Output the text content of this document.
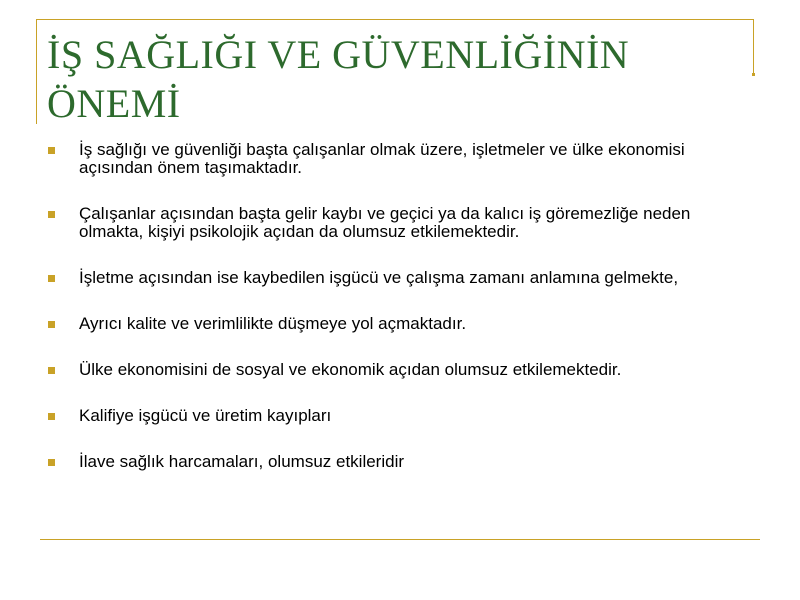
İŞ SAĞLIĞI VE GÜVENLİĞİNİN ÖNEMİ
İş sağlığı ve güvenliği başta çalışanlar olmak üzere, işletmeler ve ülke ekonomisi açısından önem taşımaktadır.
Çalışanlar açısından başta gelir kaybı ve geçici ya da kalıcı iş göremezliğe neden olmakta, kişiyi psikolojik açıdan da olumsuz etkilemektedir.
İşletme açısından ise kaybedilen işgücü ve çalışma zamanı anlamına gelmekte,
Ayrıcı kalite ve verimlilikte düşmeye yol açmaktadır.
Ülke ekonomisini de sosyal ve ekonomik açıdan olumsuz etkilemektedir.
Kalifiye işgücü ve üretim kayıpları
İlave sağlık harcamaları, olumsuz etkileridir
